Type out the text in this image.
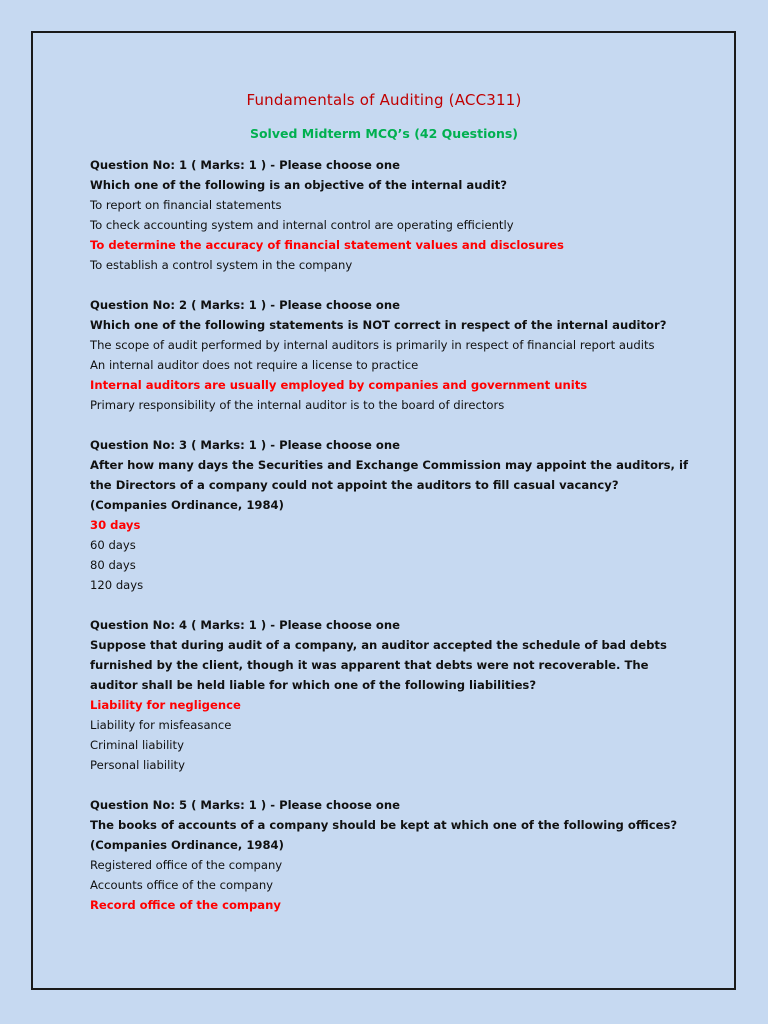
Fundamentals of Auditing (ACC311)
Solved Midterm MCQ’s (42 Questions)
Question No: 1 ( Marks: 1 ) - Please choose one
Which one of the following is an objective of the internal audit?
To report on financial statements
To check accounting system and internal control are operating efficiently
To determine the accuracy of financial statement values and disclosures
To establish a control system in the company
Question No: 2 ( Marks: 1 ) - Please choose one
Which one of the following statements is NOT correct in respect of the internal auditor?
The scope of audit performed by internal auditors is primarily in respect of financial report audits
An internal auditor does not require a license to practice
Internal auditors are usually employed by companies and government units
Primary responsibility of the internal auditor is to the board of directors
Question No: 3 ( Marks: 1 ) - Please choose one
After how many days the Securities and Exchange Commission may appoint the auditors, if the Directors of a company could not appoint the auditors to fill casual vacancy? (Companies Ordinance, 1984)
30 days
60 days
80 days
120 days
Question No: 4 ( Marks: 1 ) - Please choose one
Suppose that during audit of a company, an auditor accepted the schedule of bad debts furnished by the client, though it was apparent that debts were not recoverable. The auditor shall be held liable for which one of the following liabilities?
Liability for negligence
Liability for misfeasance
Criminal liability
Personal liability
Question No: 5 ( Marks: 1 ) - Please choose one
The books of accounts of a company should be kept at which one of the following offices?(Companies Ordinance, 1984)
Registered office of the company
Accounts office of the company
Record office of the company
